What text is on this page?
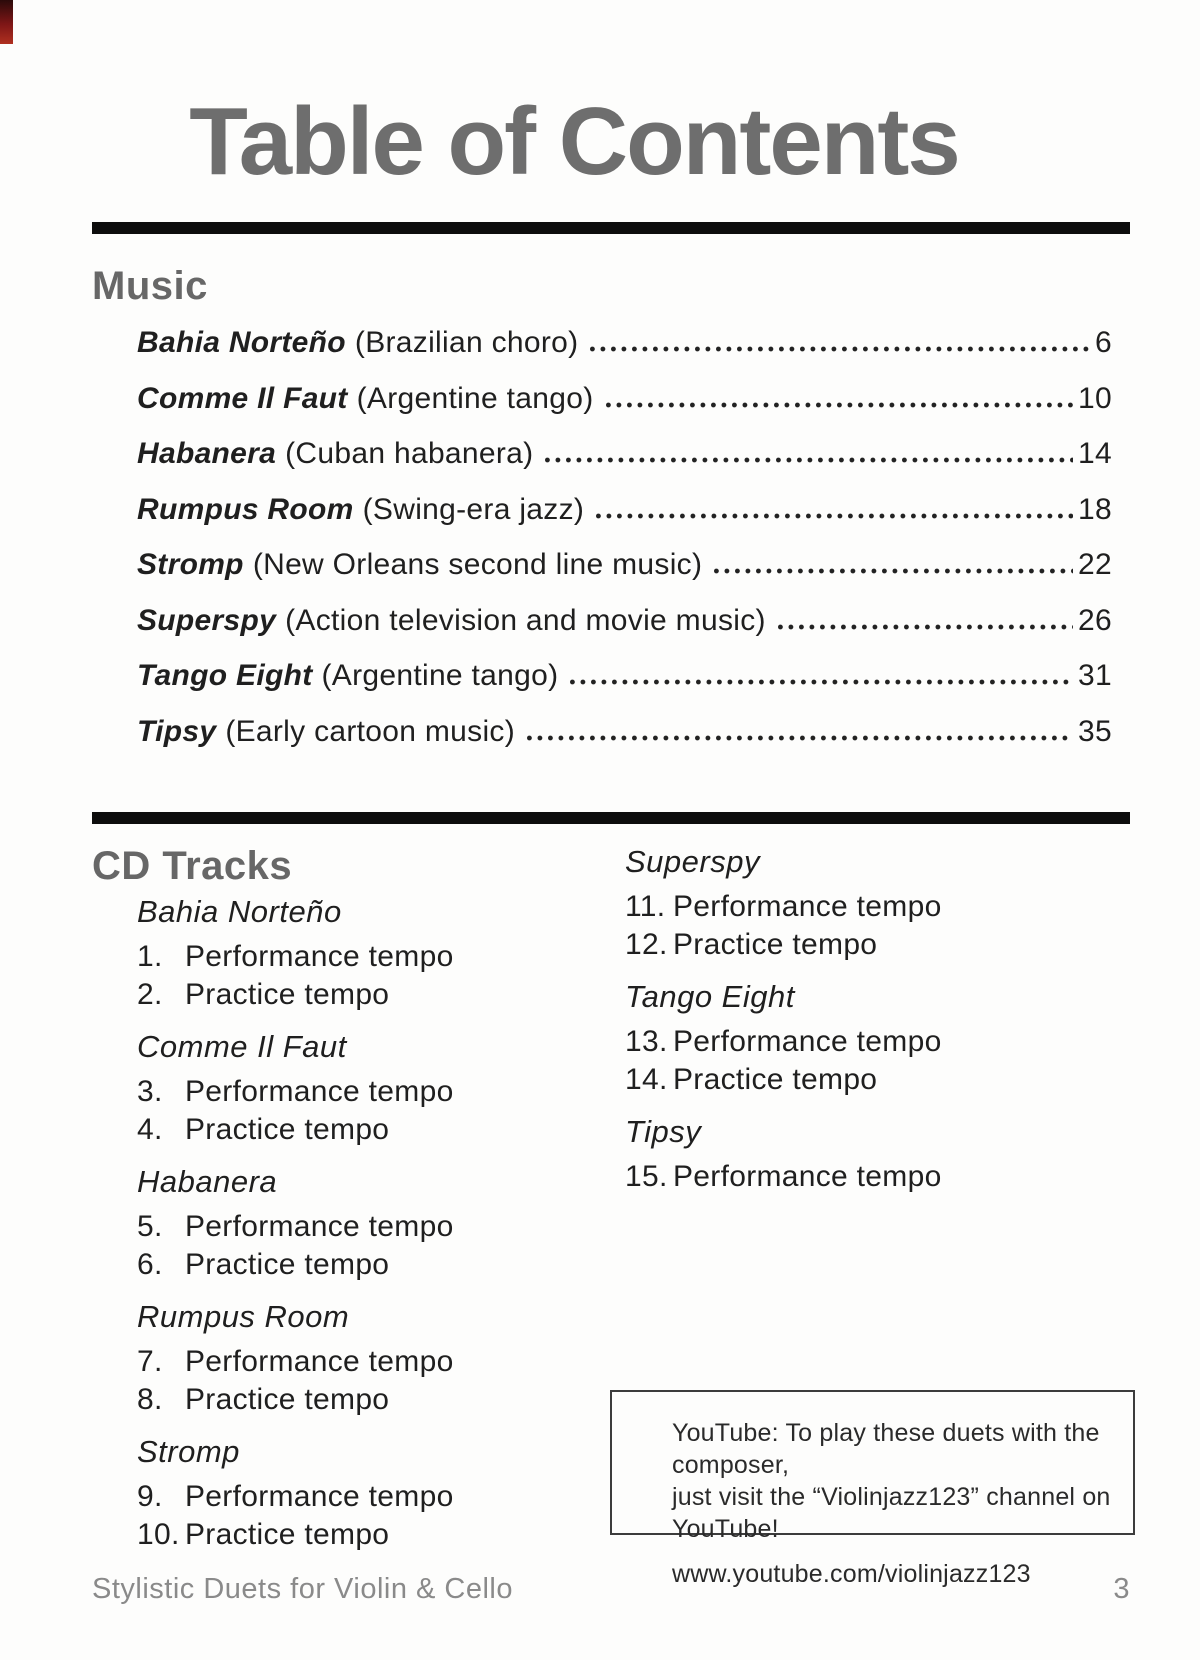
Table of Contents
Music
Bahia Norteño (Brazilian choro)	6
Comme Il Faut (Argentine tango)	10
Habanera (Cuban habanera)	14
Rumpus Room (Swing-era jazz)	18
Stromp (New Orleans second line music)	22
Superspy (Action television and movie music)	26
Tango Eight (Argentine tango)	31
Tipsy (Early cartoon music)	35
CD Tracks
Bahia Norteño
1. Performance tempo
2. Practice tempo
Comme Il Faut
3. Performance tempo
4. Practice tempo
Habanera
5. Performance tempo
6. Practice tempo
Rumpus Room
7. Performance tempo
8. Practice tempo
Stromp
9. Performance tempo
10. Practice tempo
Superspy
11. Performance tempo
12. Practice tempo
Tango Eight
13. Performance tempo
14. Practice tempo
Tipsy
15. Performance tempo
YouTube: To play these duets with the composer,
just visit the “Violinjazz123” channel on YouTube!
www.youtube.com/violinjazz123
Stylistic Duets for Violin & Cello	3
